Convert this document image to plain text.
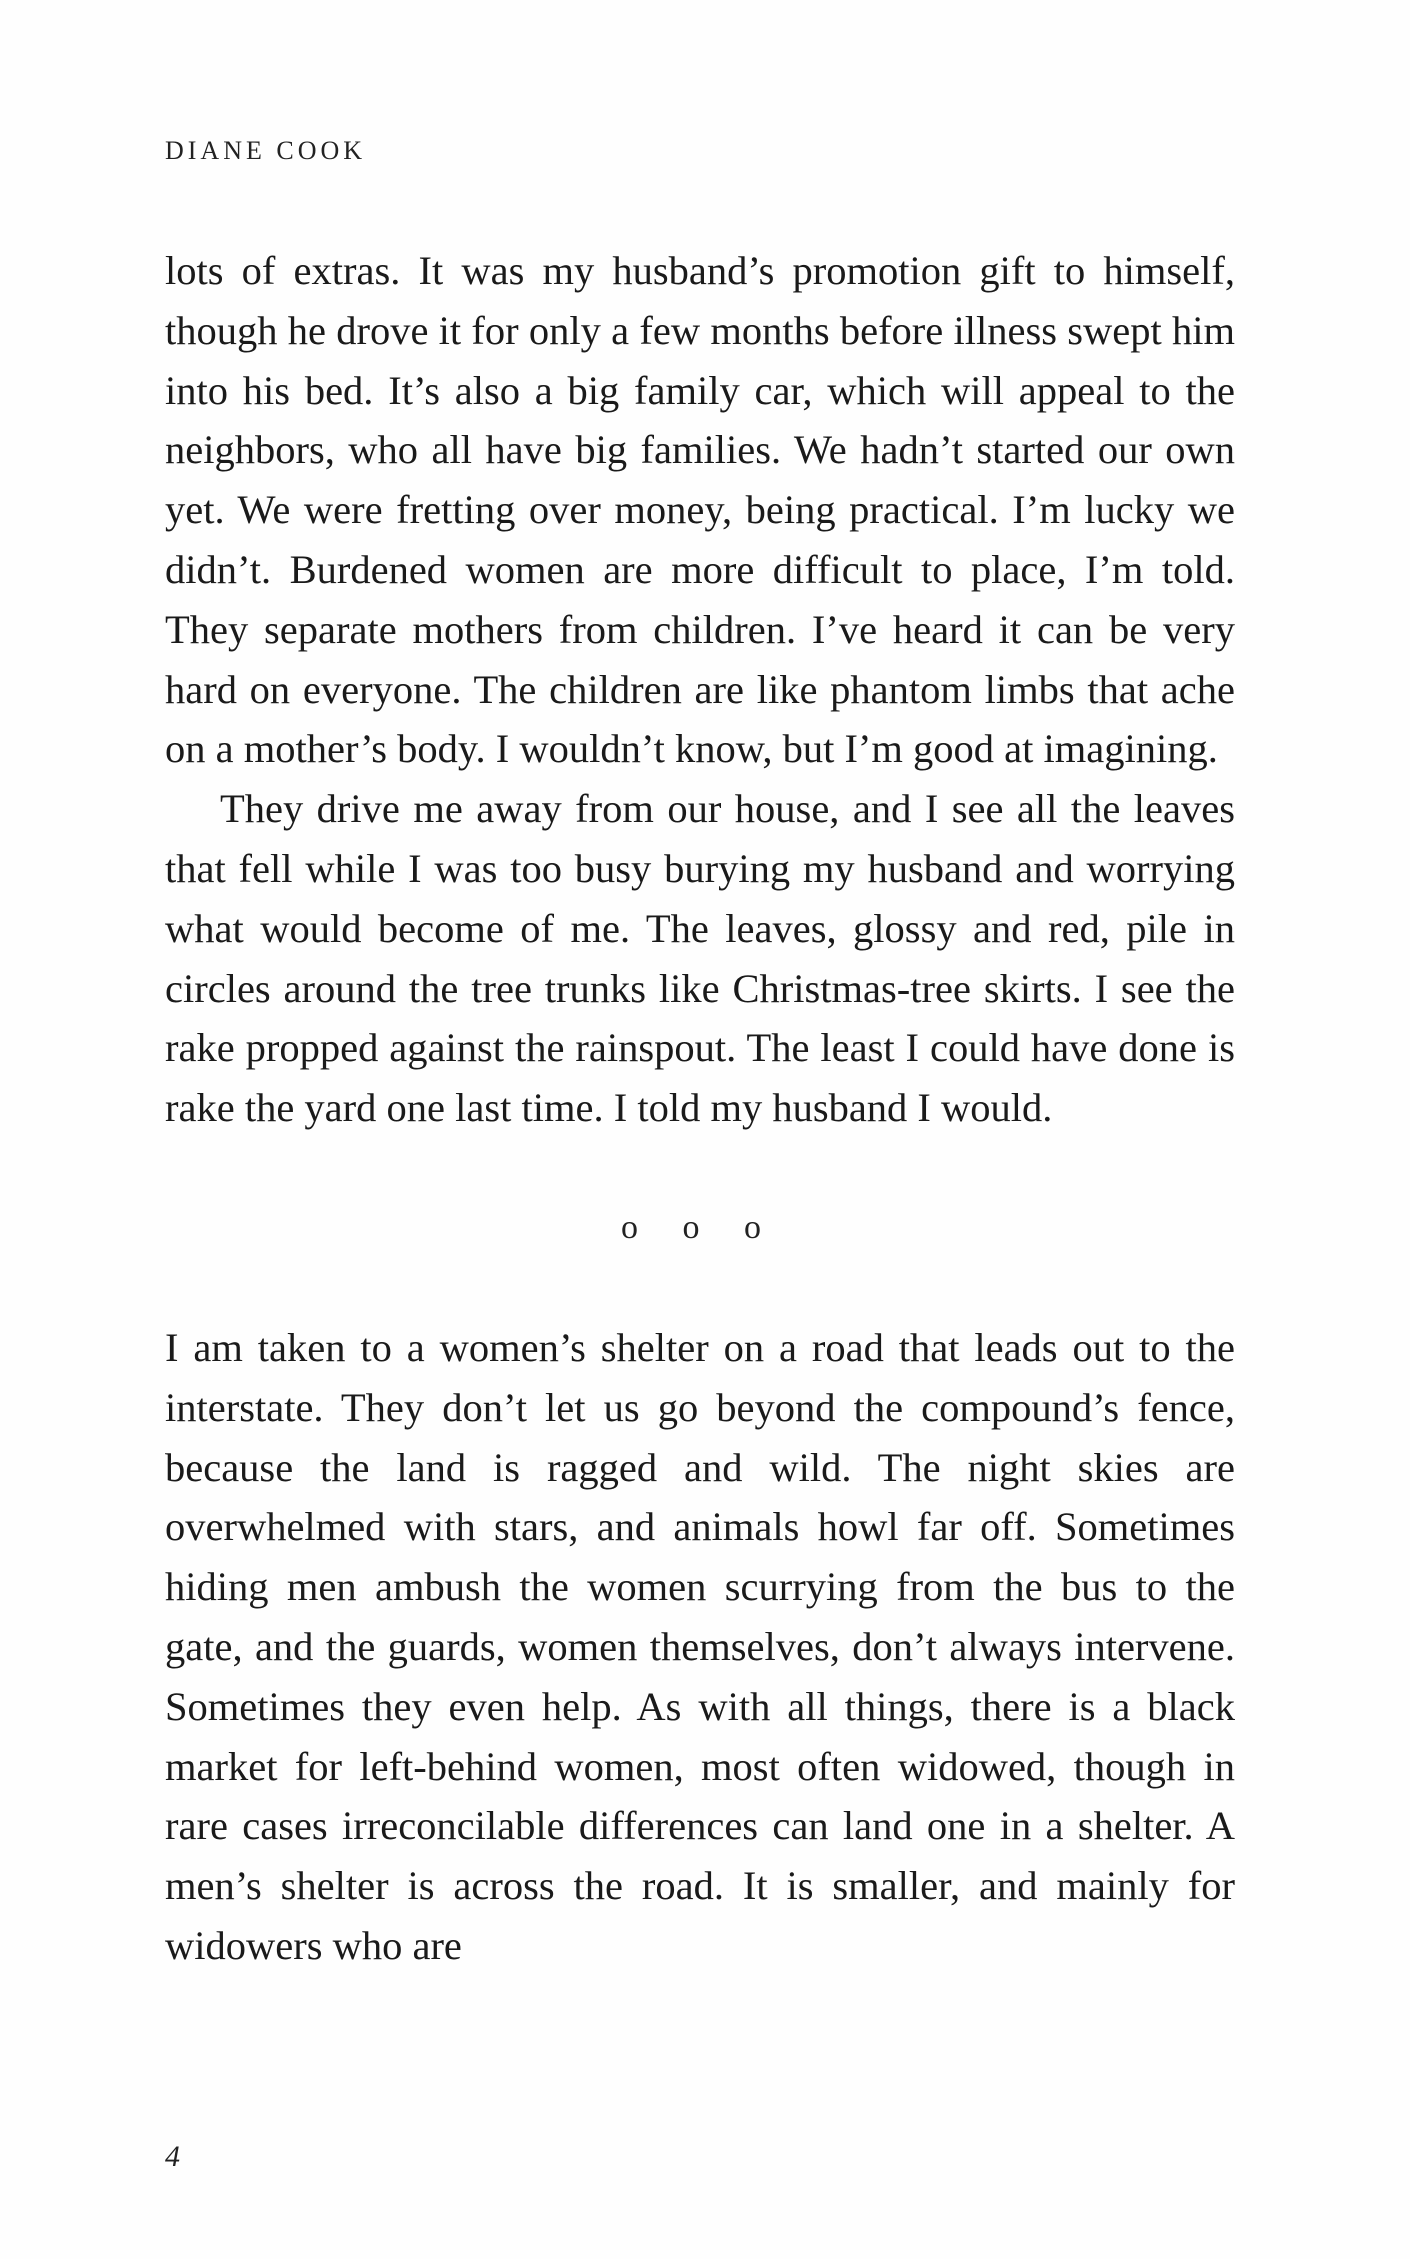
DIANE COOK

lots of extras. It was my husband’s promotion gift to himself, though he drove it for only a few months before illness swept him into his bed. It’s also a big family car, which will appeal to the neighbors, who all have big families. We hadn’t started our own yet. We were fretting over money, being practical. I’m lucky we didn’t. Burdened women are more difficult to place, I’m told. They separate mothers from children. I’ve heard it can be very hard on everyone. The children are like phantom limbs that ache on a mother’s body. I wouldn’t know, but I’m good at imagining.

They drive me away from our house, and I see all the leaves that fell while I was too busy burying my husband and worrying what would become of me. The leaves, glossy and red, pile in circles around the tree trunks like Christmas-tree skirts. I see the rake propped against the rainspout. The least I could have done is rake the yard one last time. I told my husband I would.

o o o

I am taken to a women’s shelter on a road that leads out to the interstate. They don’t let us go beyond the compound’s fence, because the land is ragged and wild. The night skies are overwhelmed with stars, and animals howl far off. Sometimes hiding men ambush the women scurrying from the bus to the gate, and the guards, women themselves, don’t always intervene. Sometimes they even help. As with all things, there is a black market for left-behind women, most often widowed, though in rare cases irreconcilable differences can land one in a shelter. A men’s shelter is across the road. It is smaller, and mainly for widowers who are

4
